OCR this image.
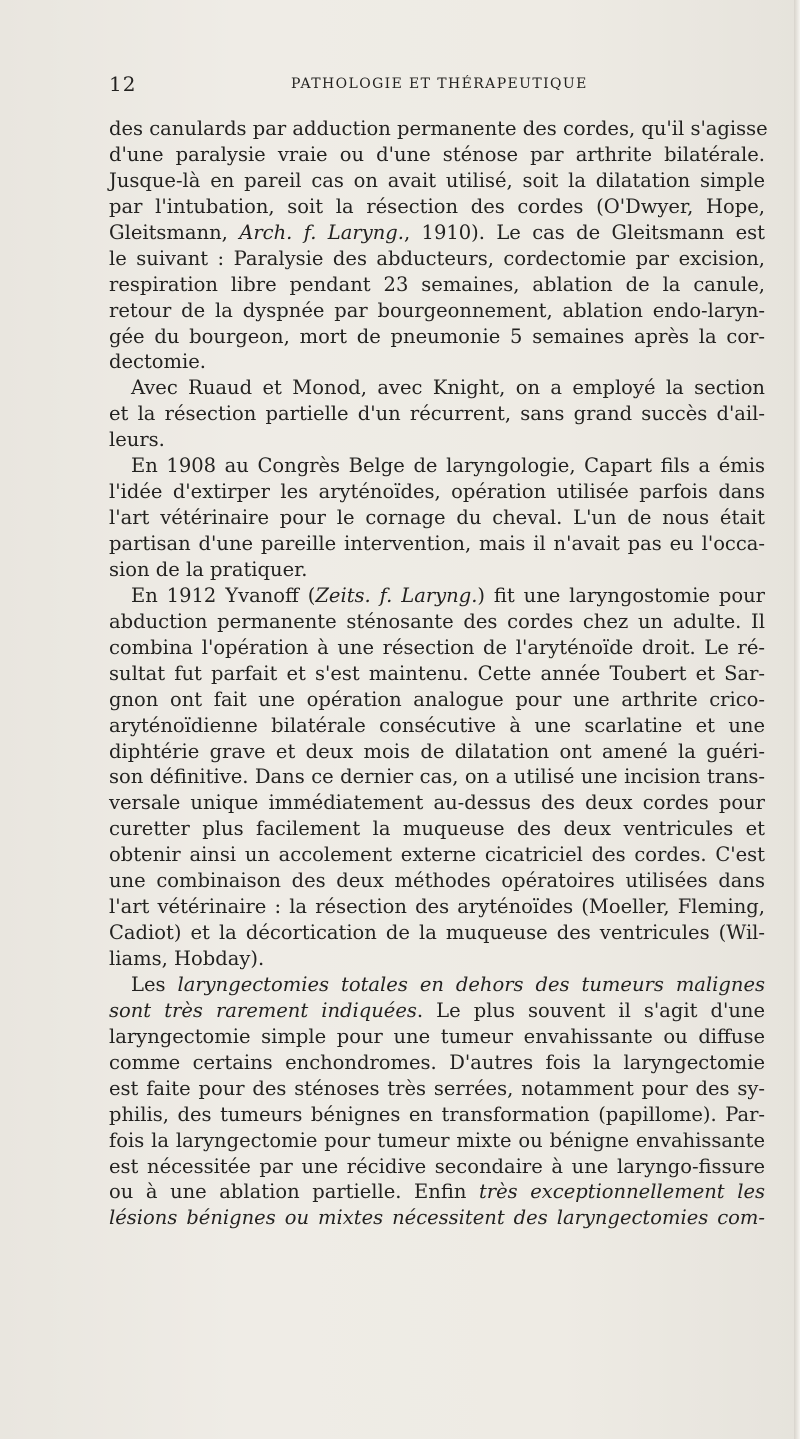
12	PATHOLOGIE ET THÉRAPEUTIQUE
des canulards par adduction permanente des cordes, qu'il s'agisse
d'une paralysie vraie ou d'une sténose par arthrite bilatérale.
Jusque-là en pareil cas on avait utilisé, soit la dilatation simple
par l'intubation, soit la résection des cordes (O'Dwyer, Hope,
Gleitsmann, Arch. f. Laryng., 1910). Le cas de Gleitsmann est
le suivant : Paralysie des abducteurs, cordectomie par excision,
respiration libre pendant 23 semaines, ablation de la canule,
retour de la dyspnée par bourgeonnement, ablation endo-laryn-
gée du bourgeon, mort de pneumonie 5 semaines après la cor-
dectomie.
Avec Ruaud et Monod, avec Knight, on a employé la section
et la résection partielle d'un récurrent, sans grand succès d'ail-
leurs.
En 1908 au Congrès Belge de laryngologie, Capart fils a émis
l'idée d'extirper les aryténoïdes, opération utilisée parfois dans
l'art vétérinaire pour le cornage du cheval. L'un de nous était
partisan d'une pareille intervention, mais il n'avait pas eu l'occa-
sion de la pratiquer.
En 1912 Yvanoff (Zeits. f. Laryng.) fit une laryngostomie pour
abduction permanente sténosante des cordes chez un adulte. Il
combina l'opération à une résection de l'aryténoïde droit. Le ré-
sultat fut parfait et s'est maintenu. Cette année Toubert et Sar-
gnon ont fait une opération analogue pour une arthrite crico-
aryténoïdienne bilatérale consécutive à une scarlatine et une
diphtérie grave et deux mois de dilatation ont amené la guéri-
son définitive. Dans ce dernier cas, on a utilisé une incision trans-
versale unique immédiatement au-dessus des deux cordes pour
curetter plus facilement la muqueuse des deux ventricules et
obtenir ainsi un accolement externe cicatriciel des cordes. C'est
une combinaison des deux méthodes opératoires utilisées dans
l'art vétérinaire : la résection des aryténoïdes (Moeller, Fleming,
Cadiot) et la décortication de la muqueuse des ventricules (Wil-
liams, Hobday).
Les laryngectomies totales en dehors des tumeurs malignes
sont très rarement indiquées. Le plus souvent il s'agit d'une
laryngectomie simple pour une tumeur envahissante ou diffuse
comme certains enchondromes. D'autres fois la laryngectomie
est faite pour des sténoses très serrées, notamment pour des sy-
philis, des tumeurs bénignes en transformation (papillome). Par-
fois la laryngectomie pour tumeur mixte ou bénigne envahissante
est nécessitée par une récidive secondaire à une laryngo-fissure
ou à une ablation partielle. Enfin très exceptionnellement les
lésions bénignes ou mixtes nécessitent des laryngectomies com-
